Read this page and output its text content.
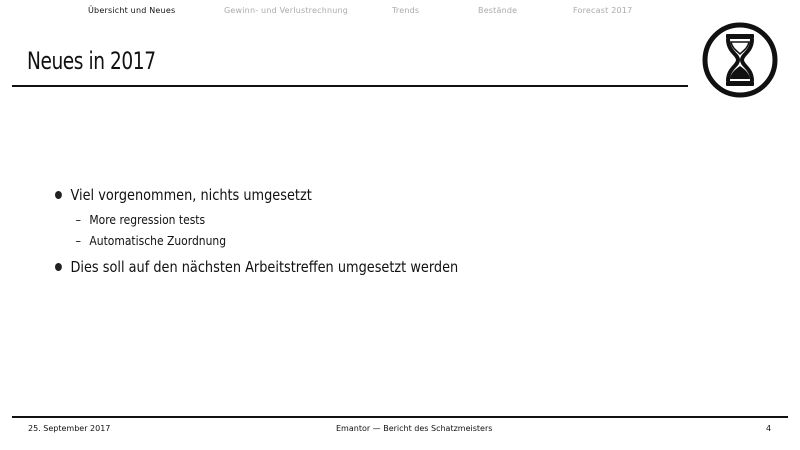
Übersicht und Neues	Gewinn- und Verlustrechnung	Trends	Bestände	Forecast 2017
Neues in 2017
Viel vorgenommen, nichts umgesetzt
– More regression tests
– Automatische Zuordnung
Dies soll auf den nächsten Arbeitstreffen umgesetzt werden
25. September 2017	Emantor — Bericht des Schatzmeisters	4
